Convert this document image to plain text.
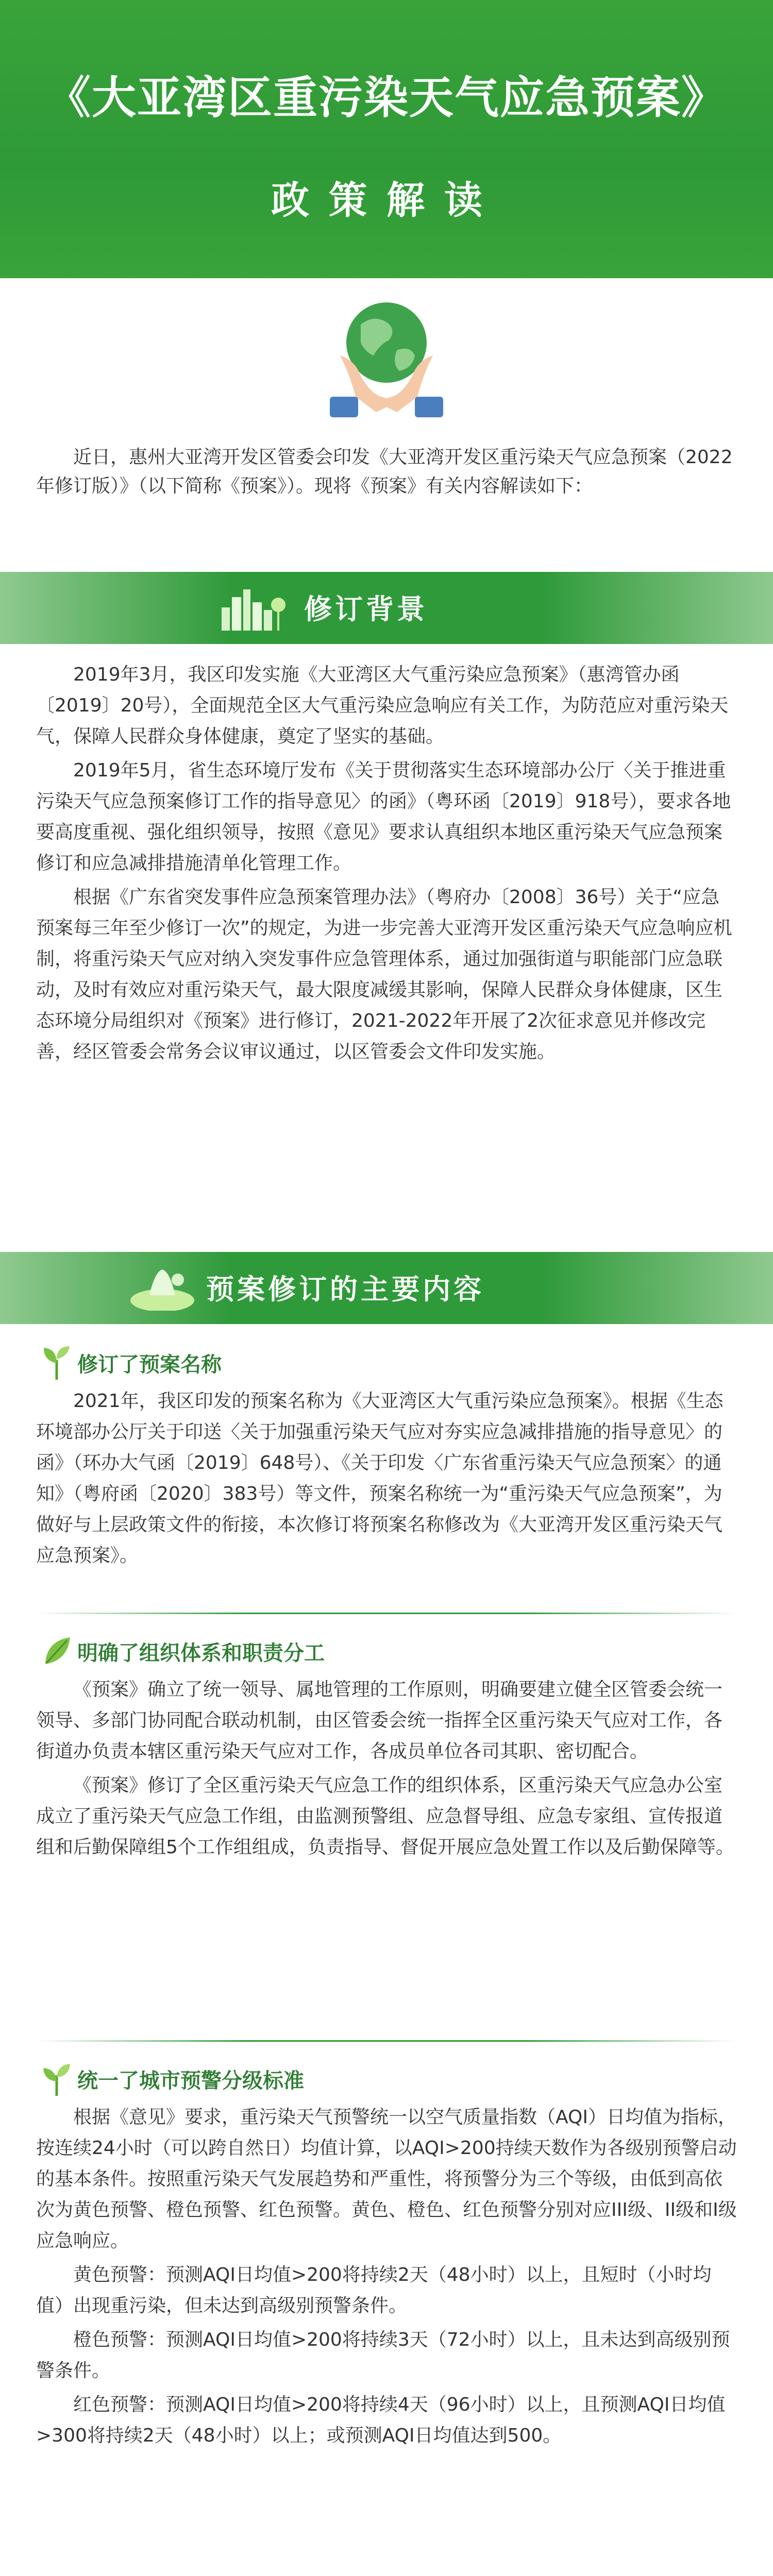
《大亚湾区重污染天气应急预案》
政策解读

近日，惠州大亚湾开发区管委会印发《大亚湾开发区重污染天气应急预案（2022年修订版）》（以下简称《预案》）。现将《预案》有关内容解读如下：

修订背景

2019年3月，我区印发实施《大亚湾区大气重污染应急预案》（惠湾管办函〔2019〕20号），全面规范全区大气重污染应急响应有关工作，为防范应对重污染天气，保障人民群众身体健康，奠定了坚实的基础。

2019年5月，省生态环境厅发布《关于贯彻落实生态环境部办公厅〈关于推进重污染天气应急预案修订工作的指导意见〉的函》（粤环函〔2019〕918号），要求各地要高度重视、强化组织领导，按照《意见》要求认真组织本地区重污染天气应急预案修订和应急减排措施清单化管理工作。

根据《广东省突发事件应急预案管理办法》（粤府办〔2008〕36号）关于“应急预案每三年至少修订一次”的规定，为进一步完善大亚湾开发区重污染天气应急响应机制，将重污染天气应对纳入突发事件应急管理体系，通过加强街道与职能部门应急联动，及时有效应对重污染天气，最大限度减缓其影响，保障人民群众身体健康，区生态环境分局组织对《预案》进行修订，2021-2022年开展了2次征求意见并修改完善，经区管委会常务会议审议通过，以区管委会文件印发实施。

预案修订的主要内容
修订了预案名称

2021年，我区印发的预案名称为《大亚湾区大气重污染应急预案》。根据《生态环境部办公厅关于印送〈关于加强重污染天气应对夯实应急减排措施的指导意见〉的函》（环办大气函〔2019〕648号）、《关于印发〈广东省重污染天气应急预案〉的通知》（粤府函〔2020〕383号）等文件，预案名称统一为“重污染天气应急预案”，为做好与上层政策文件的衔接，本次修订将预案名称修改为《大亚湾开发区重污染天气应急预案》。

明确了组织体系和职责分工

《预案》确立了统一领导、属地管理的工作原则，明确要建立健全区管委会统一领导、多部门协同配合联动机制，由区管委会统一指挥全区重污染天气应对工作，各街道办负责本辖区重污染天气应对工作，各成员单位各司其职、密切配合。

《预案》修订了全区重污染天气应急工作的组织体系，区重污染天气应急办公室成立了重污染天气应急工作组，由监测预警组、应急督导组、应急专家组、宣传报道组和后勤保障组5个工作组组成，负责指导、督促开展应急处置工作以及后勤保障等。

统一了城市预警分级标准

根据《意见》要求，重污染天气预警统一以空气质量指数（AQI）日均值为指标，按连续24小时（可以跨自然日）均值计算，以AQI>200持续天数作为各级别预警启动的基本条件。按照重污染天气发展趋势和严重性，将预警分为三个等级，由低到高依次为黄色预警、橙色预警、红色预警。黄色、橙色、红色预警分别对应III级、II级和I级应急响应。

黄色预警：预测AQI日均值>200将持续2天（48小时）以上，且短时（小时均值）出现重污染，但未达到高级别预警条件。

橙色预警：预测AQI日均值>200将持续3天（72小时）以上，且未达到高级别预警条件。

红色预警：预测AQI日均值>200将持续4天（96小时）以上，且预测AQI日均值>300将持续2天（48小时）以上；或预测AQI日均值达到500。
